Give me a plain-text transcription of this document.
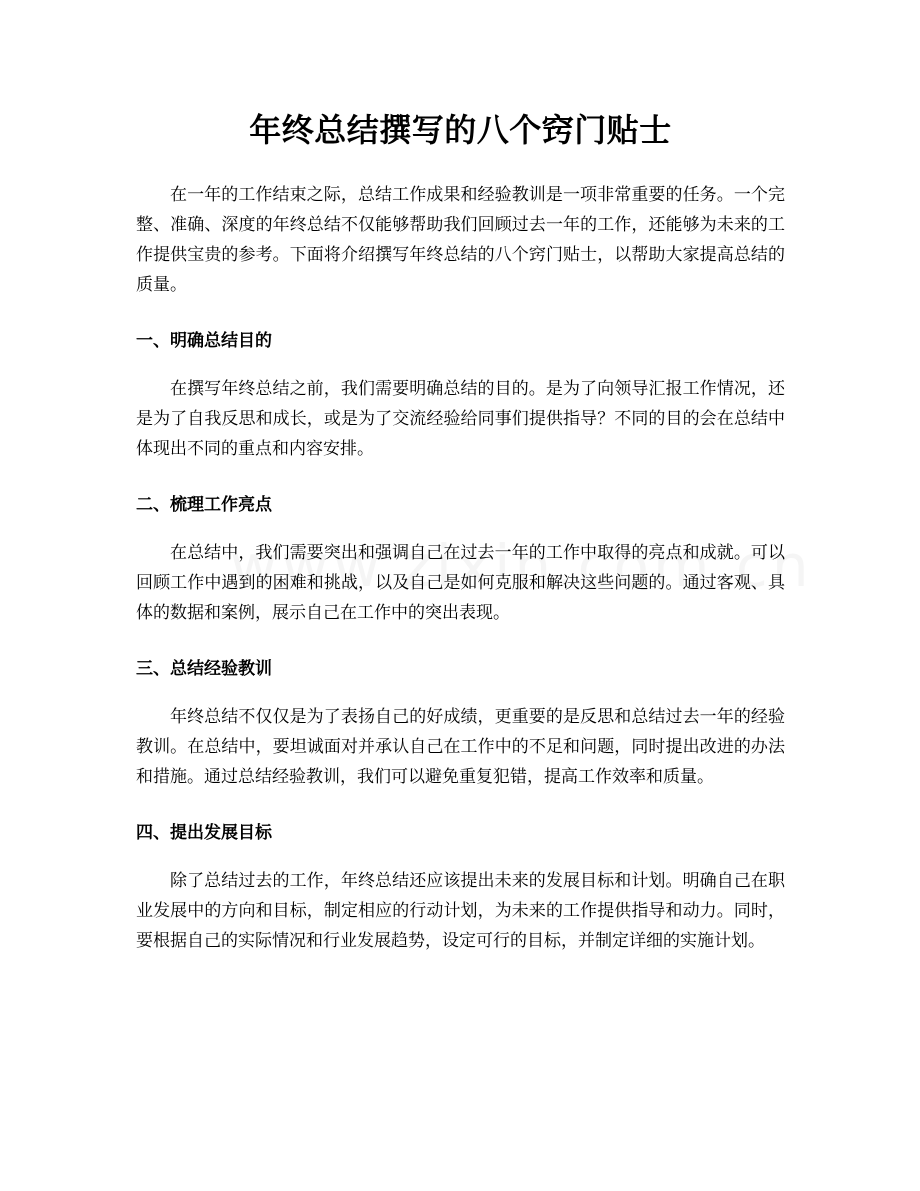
年终总结撰写的八个窍门贴士

在一年的工作结束之际，总结工作成果和经验教训是一项非常重要的任务。一个完整、准确、深度的年终总结不仅能够帮助我们回顾过去一年的工作，还能够为未来的工作提供宝贵的参考。下面将介绍撰写年终总结的八个窍门贴士，以帮助大家提高总结的质量。

一、明确总结目的

在撰写年终总结之前，我们需要明确总结的目的。是为了向领导汇报工作情况，还是为了自我反思和成长，或是为了交流经验给同事们提供指导？不同的目的会在总结中体现出不同的重点和内容安排。

二、梳理工作亮点

在总结中，我们需要突出和强调自己在过去一年的工作中取得的亮点和成就。可以回顾工作中遇到的困难和挑战，以及自己是如何克服和解决这些问题的。通过客观、具体的数据和案例，展示自己在工作中的突出表现。

三、总结经验教训

年终总结不仅仅是为了表扬自己的好成绩，更重要的是反思和总结过去一年的经验教训。在总结中，要坦诚面对并承认自己在工作中的不足和问题，同时提出改进的办法和措施。通过总结经验教训，我们可以避免重复犯错，提高工作效率和质量。

四、提出发展目标

除了总结过去的工作，年终总结还应该提出未来的发展目标和计划。明确自己在职业发展中的方向和目标，制定相应的行动计划，为未来的工作提供指导和动力。同时，要根据自己的实际情况和行业发展趋势，设定可行的目标，并制定详细的实施计划。
